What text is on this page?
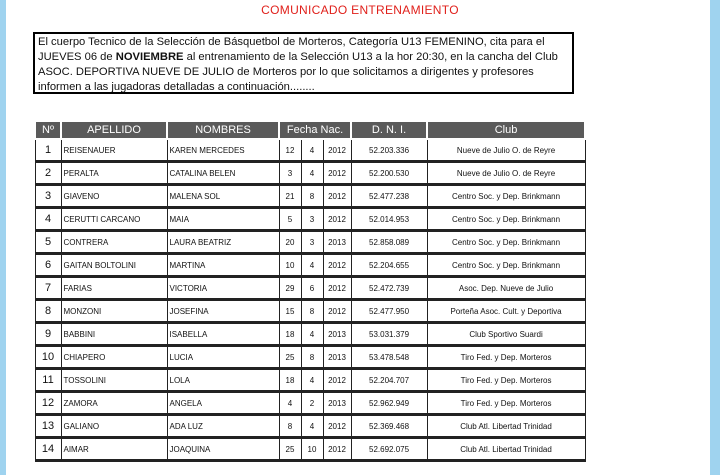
COMUNICADO ENTRENAMIENTO
El cuerpo Tecnico de la Selección de Básquetbol de Morteros, Categoría U13 FEMENINO, cita para el JUEVES 06 de NOVIEMBRE al entrenamiento de la Selección U13 a la hor 20:30, en la cancha del Club ASOC. DEPORTIVA NUEVE DE JULIO de Morteros por lo que solicitamos a dirigentes y profesores informen a las jugadoras detalladas a continuación........
Nº	APELLIDO	NOMBRES	Fecha Nac.			D. N. I.	Club
1	REISENAUER	KAREN MERCEDES	12	4	2012	52.203.336	Nueve de Julio O. de Reyre
2	PERALTA	CATALINA BELEN	3	4	2012	52.200.530	Nueve de Julio O. de Reyre
3	GIAVENO	MALENA SOL	21	8	2012	52.477.238	Centro Soc. y Dep. Brinkmann
4	CERUTTI CARCANO	MAIA	5	3	2012	52.014.953	Centro Soc. y Dep. Brinkmann
5	CONTRERA	LAURA BEATRIZ	20	3	2013	52.858.089	Centro Soc. y Dep. Brinkmann
6	GAITAN BOLTOLINI	MARTINA	10	4	2012	52.204.655	Centro Soc. y Dep. Brinkmann
7	FARIAS	VICTORIA	29	6	2012	52.472.739	Asoc. Dep. Nueve de Julio
8	MONZONI	JOSEFINA	15	8	2012	52.477.950	Porteña Asoc. Cult. y Deportiva
9	BABBINI	ISABELLA	18	4	2013	53.031.379	Club Sportivo Suardi
10	CHIAPERO	LUCIA	25	8	2013	53.478.548	Tiro Fed. y Dep. Morteros
11	TOSSOLINI	LOLA	18	4	2012	52.204.707	Tiro Fed. y Dep. Morteros
12	ZAMORA	ANGELA	4	2	2013	52.962.949	Tiro Fed. y Dep. Morteros
13	GALIANO	ADA LUZ	8	4	2012	52.369.468	Club Atl. Libertad Trinidad
14	AIMAR	JOAQUINA	25	10	2012	52.692.075	Club Atl. Libertad Trinidad
